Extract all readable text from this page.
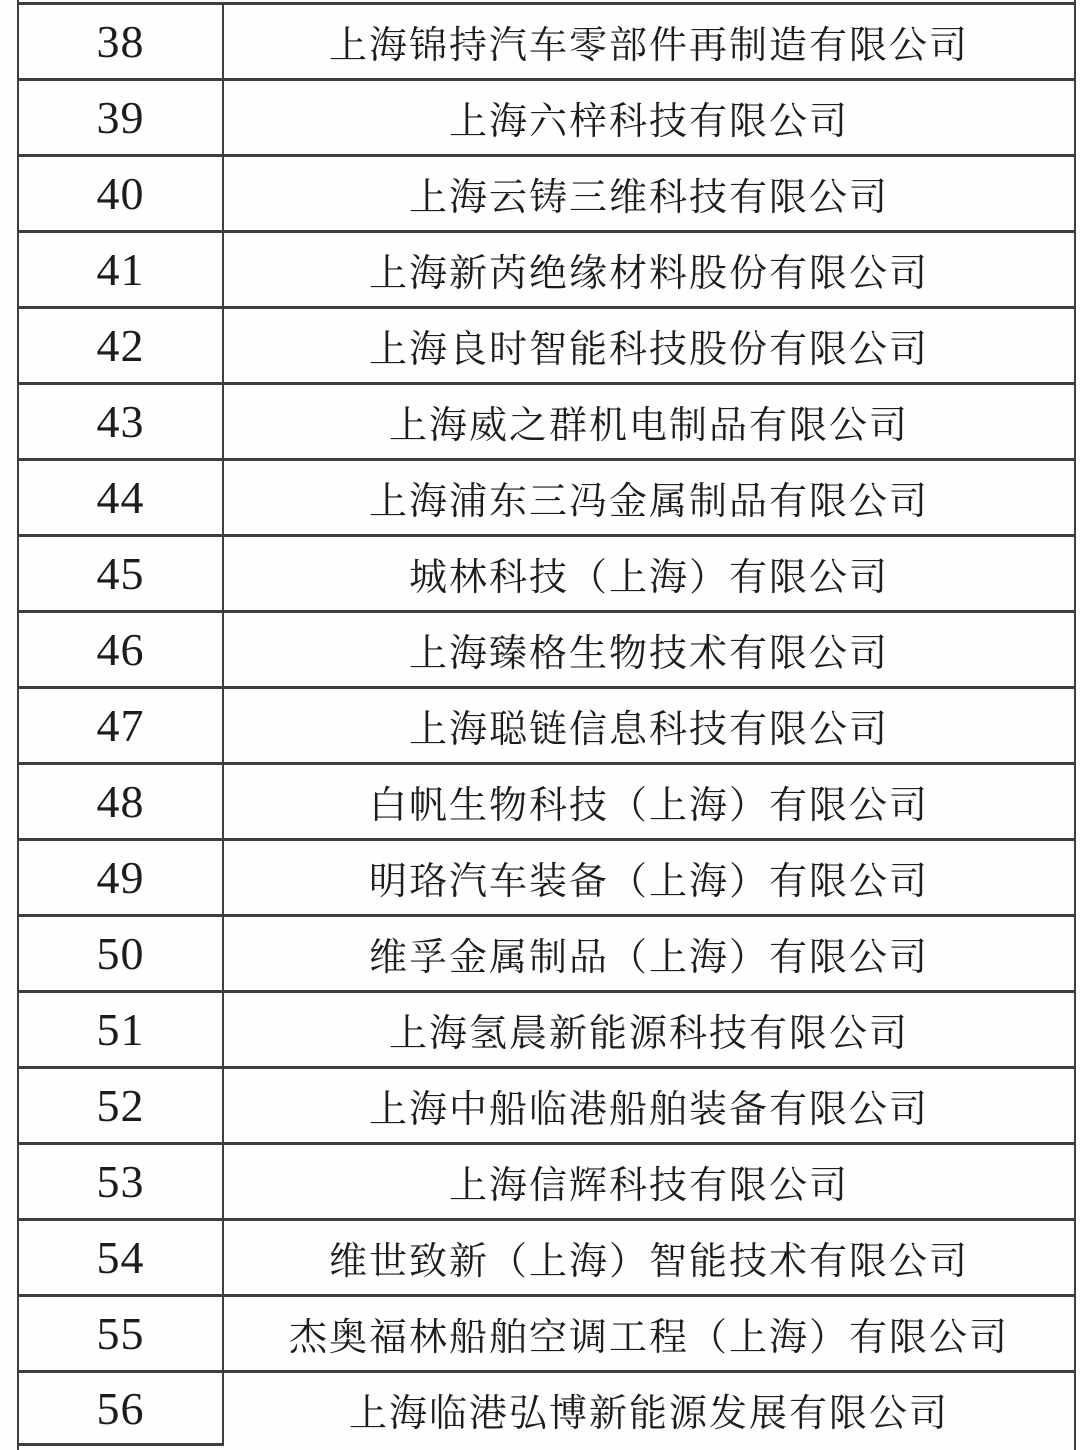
38	上海锦持汽车零部件再制造有限公司
39	上海六梓科技有限公司
40	上海云铸三维科技有限公司
41	上海新芮绝缘材料股份有限公司
42	上海良时智能科技股份有限公司
43	上海威之群机电制品有限公司
44	上海浦东三冯金属制品有限公司
45	城林科技（上海）有限公司
46	上海臻格生物技术有限公司
47	上海聪链信息科技有限公司
48	白帆生物科技（上海）有限公司
49	明珞汽车装备（上海）有限公司
50	维孚金属制品（上海）有限公司
51	上海氢晨新能源科技有限公司
52	上海中船临港船舶装备有限公司
53	上海信辉科技有限公司
54	维世致新（上海）智能技术有限公司
55	杰奥福林船舶空调工程（上海）有限公司
56	上海临港弘博新能源发展有限公司
